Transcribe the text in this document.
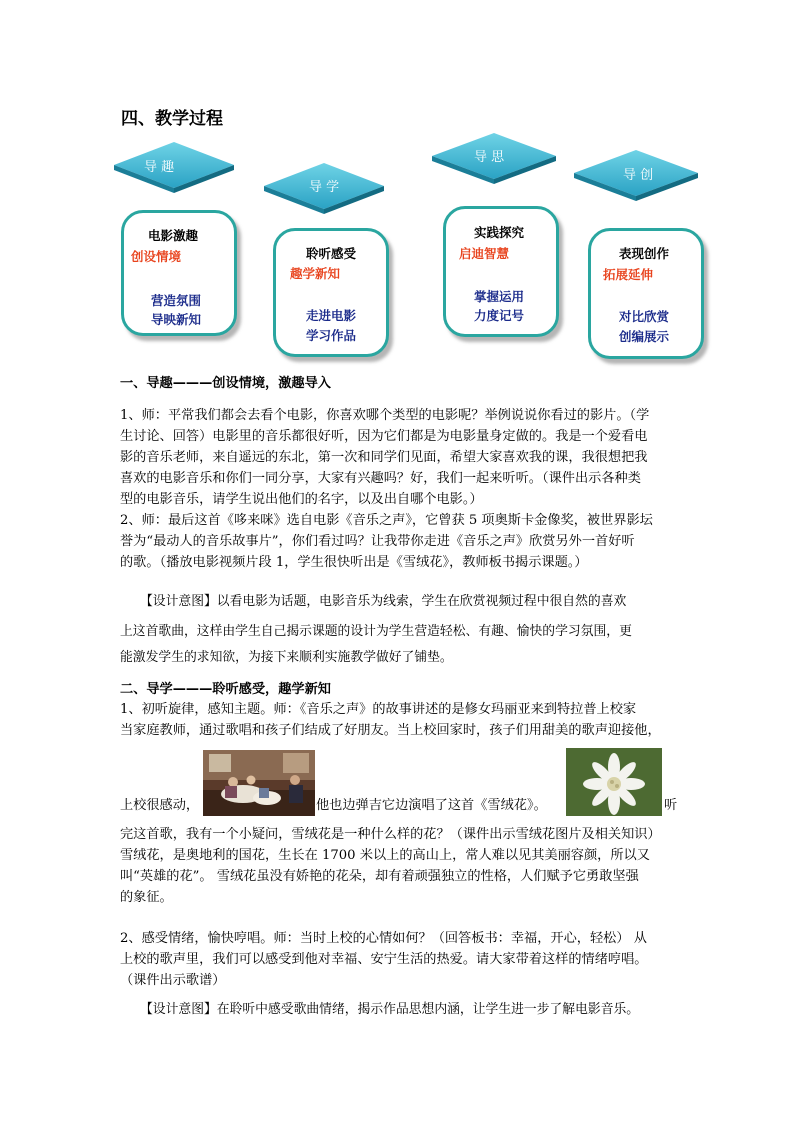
四、教学过程
导 趣
导 学
导 思
导 创
电影激趣
创设情境
营造氛围
导映新知
聆听感受
趣学新知
走进电影
学习作品
实践探究
启迪智慧
掌握运用
力度记号
表现创作
拓展延伸
对比欣赏
创编展示

一、导趣———创设情境，激趣导入

1、师：平常我们都会去看个电影，你喜欢哪个类型的电影呢？举例说说你看过的影片。（学

生讨论、回答）电影里的音乐都很好听，因为它们都是为电影量身定做的。我是一个爱看电

影的音乐老师，来自遥远的东北，第一次和同学们见面，希望大家喜欢我的课，我很想把我

喜欢的电影音乐和你们一同分享，大家有兴趣吗？好，我们一起来听听。（课件出示各种类

型的电影音乐，请学生说出他们的名字，以及出自哪个电影。）

2、师：最后这首《哆来咪》选自电影《音乐之声》，它曾获 5 项奥斯卡金像奖，被世界影坛

誉为“最动人的音乐故事片”，你们看过吗？让我带你走进《音乐之声》欣赏另外一首好听

的歌。（播放电影视频片段 1，学生很快听出是《雪绒花》，教师板书揭示课题。）

【设计意图】以看电影为话题，电影音乐为线索，学生在欣赏视频过程中很自然的喜欢

上这首歌曲，这样由学生自己揭示课题的设计为学生营造轻松、有趣、愉快的学习氛围，更

能激发学生的求知欲，为接下来顺利实施教学做好了铺垫。

二、导学———聆听感受，趣学新知

1、初听旋律，感知主题。师：《音乐之声》的故事讲述的是修女玛丽亚来到特拉普上校家

当家庭教师，通过歌唱和孩子们结成了好朋友。当上校回家时，孩子们用甜美的歌声迎接他，

上校很感动，	他也边弹吉它边演唱了这首《雪绒花》。	听

完这首歌，我有一个小疑问，雪绒花是一种什么样的花？（课件出示雪绒花图片及相关知识）

雪绒花，是奥地利的国花，生长在 1700 米以上的高山上，常人难以见其美丽容颜，所以又

叫“英雄的花”。 雪绒花虽没有娇艳的花朵，却有着顽强独立的性格，人们赋予它勇敢坚强

的象征。

2、感受情绪，愉快哼唱。师：当时上校的心情如何？（回答板书：幸福，开心，轻松） 从

上校的歌声里，我们可以感受到他对幸福、安宁生活的热爱。请大家带着这样的情绪哼唱。

（课件出示歌谱）

【设计意图】在聆听中感受歌曲情绪，揭示作品思想内涵，让学生进一步了解电影音乐。
